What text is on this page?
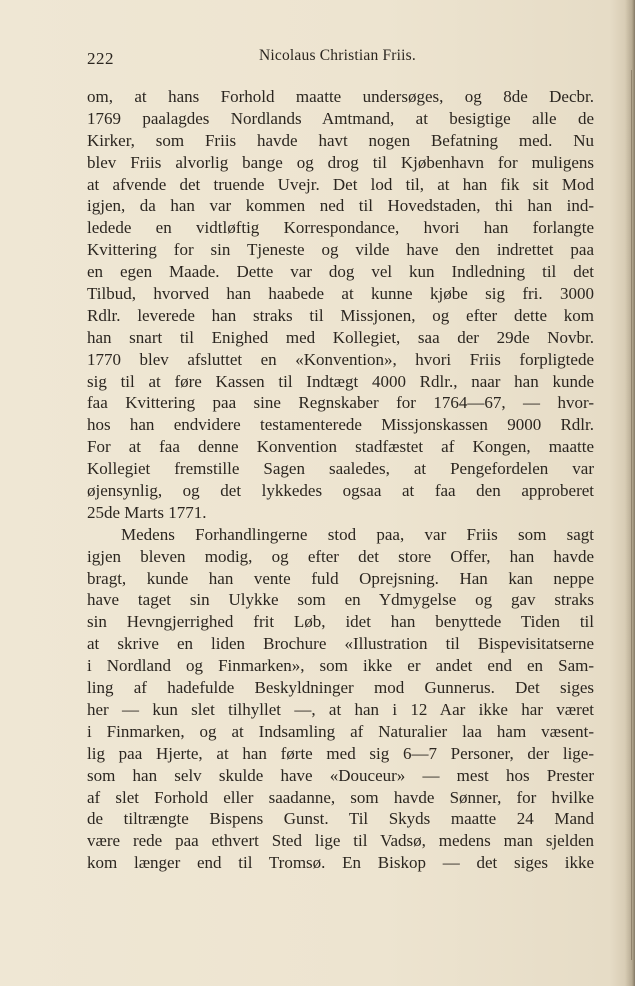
222	Nicolaus Christian Friis.
om, at hans Forhold maatte undersøges, og 8de Decbr.
1769 paalagdes Nordlands Amtmand, at besigtige alle de
Kirker, som Friis havde havt nogen Befatning med. Nu
blev Friis alvorlig bange og drog til Kjøbenhavn for muligens
at afvende det truende Uvejr. Det lod til, at han fik sit Mod
igjen, da han var kommen ned til Hovedstaden, thi han ind-
ledede en vidtløftig Korrespondance, hvori han forlangte
Kvittering for sin Tjeneste og vilde have den indrettet paa
en egen Maade. Dette var dog vel kun Indledning til det
Tilbud, hvorved han haabede at kunne kjøbe sig fri. 3000
Rdlr. leverede han straks til Missjonen, og efter dette kom
han snart til Enighed med Kollegiet, saa der 29de Novbr.
1770 blev afsluttet en «Konvention», hvori Friis forpligtede
sig til at føre Kassen til Indtægt 4000 Rdlr., naar han kunde
faa Kvittering paa sine Regnskaber for 1764—67, — hvor-
hos han endvidere testamenterede Missjonskassen 9000 Rdlr.
For at faa denne Konvention stadfæstet af Kongen, maatte
Kollegiet fremstille Sagen saaledes, at Pengefordelen var
øjensynlig, og det lykkedes ogsaa at faa den approberet
25de Marts 1771.
Medens Forhandlingerne stod paa, var Friis som sagt
igjen bleven modig, og efter det store Offer, han havde
bragt, kunde han vente fuld Oprejsning. Han kan neppe
have taget sin Ulykke som en Ydmygelse og gav straks
sin Hevngjerrighed frit Løb, idet han benyttede Tiden til
at skrive en liden Brochure «Illustration til Bispevisitatserne
i Nordland og Finmarken», som ikke er andet end en Sam-
ling af hadefulde Beskyldninger mod Gunnerus. Det siges
her — kun slet tilhyllet —, at han i 12 Aar ikke har været
i Finmarken, og at Indsamling af Naturalier laa ham væsent-
lig paa Hjerte, at han førte med sig 6—7 Personer, der lige-
som han selv skulde have «Douceur» — mest hos Prester
af slet Forhold eller saadanne, som havde Sønner, for hvilke
de tiltrængte Bispens Gunst. Til Skyds maatte 24 Mand
være rede paa ethvert Sted lige til Vadsø, medens man sjelden
kom længer end til Tromsø. En Biskop — det siges ikke
